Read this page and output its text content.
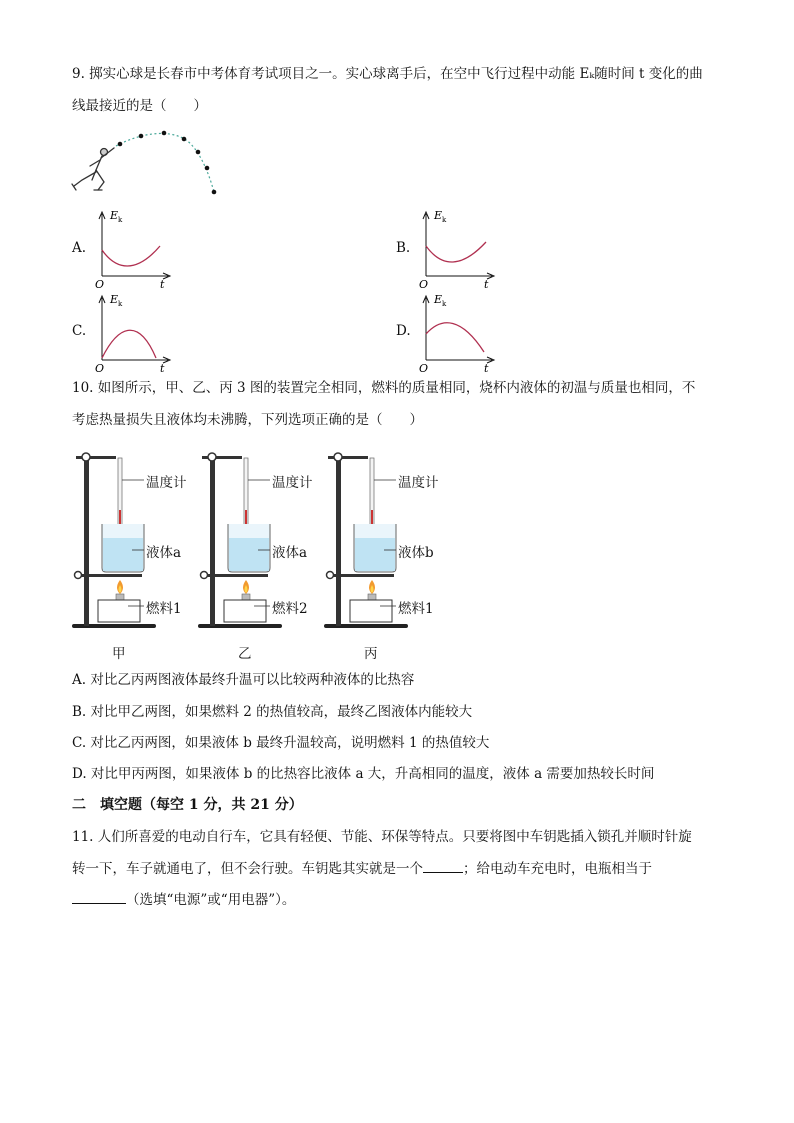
9. 掷实心球是长春市中考体育考试项目之一。实心球离手后，在空中飞行过程中动能 Eₖ随时间 t 变化的曲
线最接近的是（　　）
A.	B.
C.	D.
E k
O	t
E k
O	t
E k
O	t
E k
O	t
10. 如图所示，甲、乙、丙 3 图的装置完全相同，燃料的质量相同，烧杯内液体的初温与质量也相同，不
考虑热量损失且液体均未沸腾，下列选项正确的是（　　）
温度计
液体a
燃料1
甲
温度计
液体a
燃料2
乙
温度计
液体b
燃料1
丙
A. 对比乙丙两图液体最终升温可以比较两种液体的比热容
B. 对比甲乙两图，如果燃料 2 的热值较高，最终乙图液体内能较大
C. 对比乙丙两图，如果液体 b 最终升温较高，说明燃料 1 的热值较大
D. 对比甲丙两图，如果液体 b 的比热容比液体 a 大，升高相同的温度，液体 a 需要加热较长时间
二　填空题（每空 1 分，共 21 分）
11. 人们所喜爱的电动自行车，它具有轻便、节能、环保等特点。只要将图中车钥匙插入锁孔并顺时针旋
转一下，车子就通电了，但不会行驶。车钥匙其实就是一个	；给电动车充电时，电瓶相当于
（选填“电源”或“用电器”）。
